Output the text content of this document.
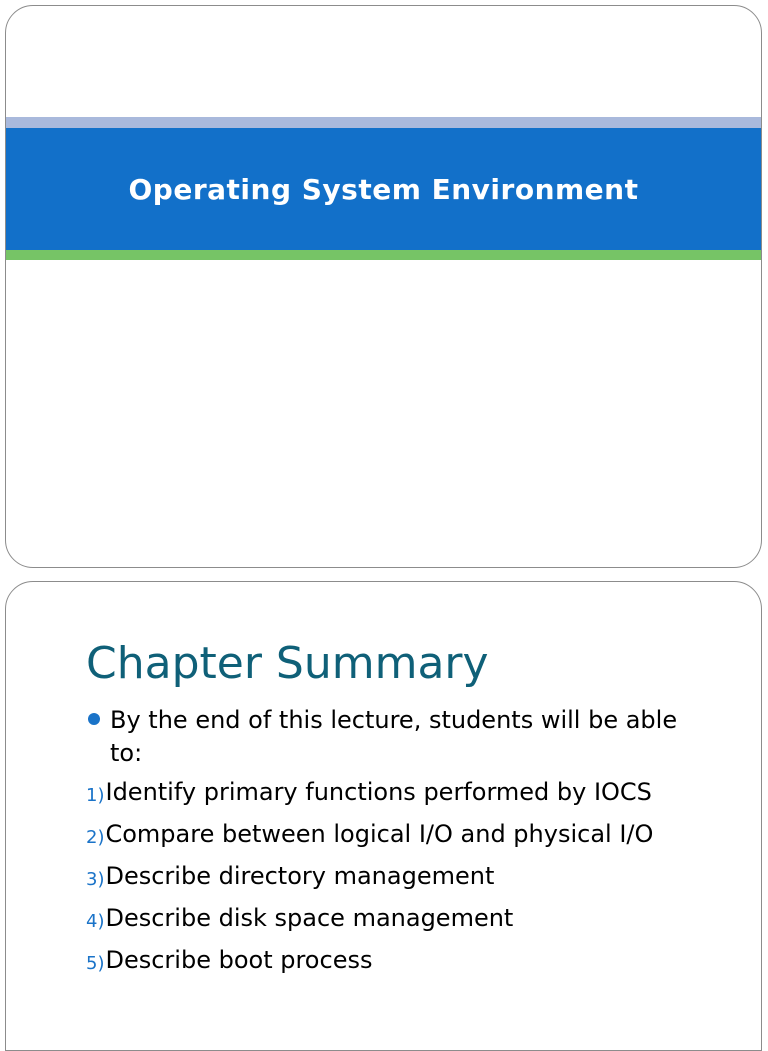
Operating System Environment
Chapter Summary
By the end of this lecture, students will be able to:
1) Identify primary functions performed by IOCS
2) Compare between logical I/O and physical I/O
3) Describe directory management
4) Describe disk space management
5) Describe boot process
